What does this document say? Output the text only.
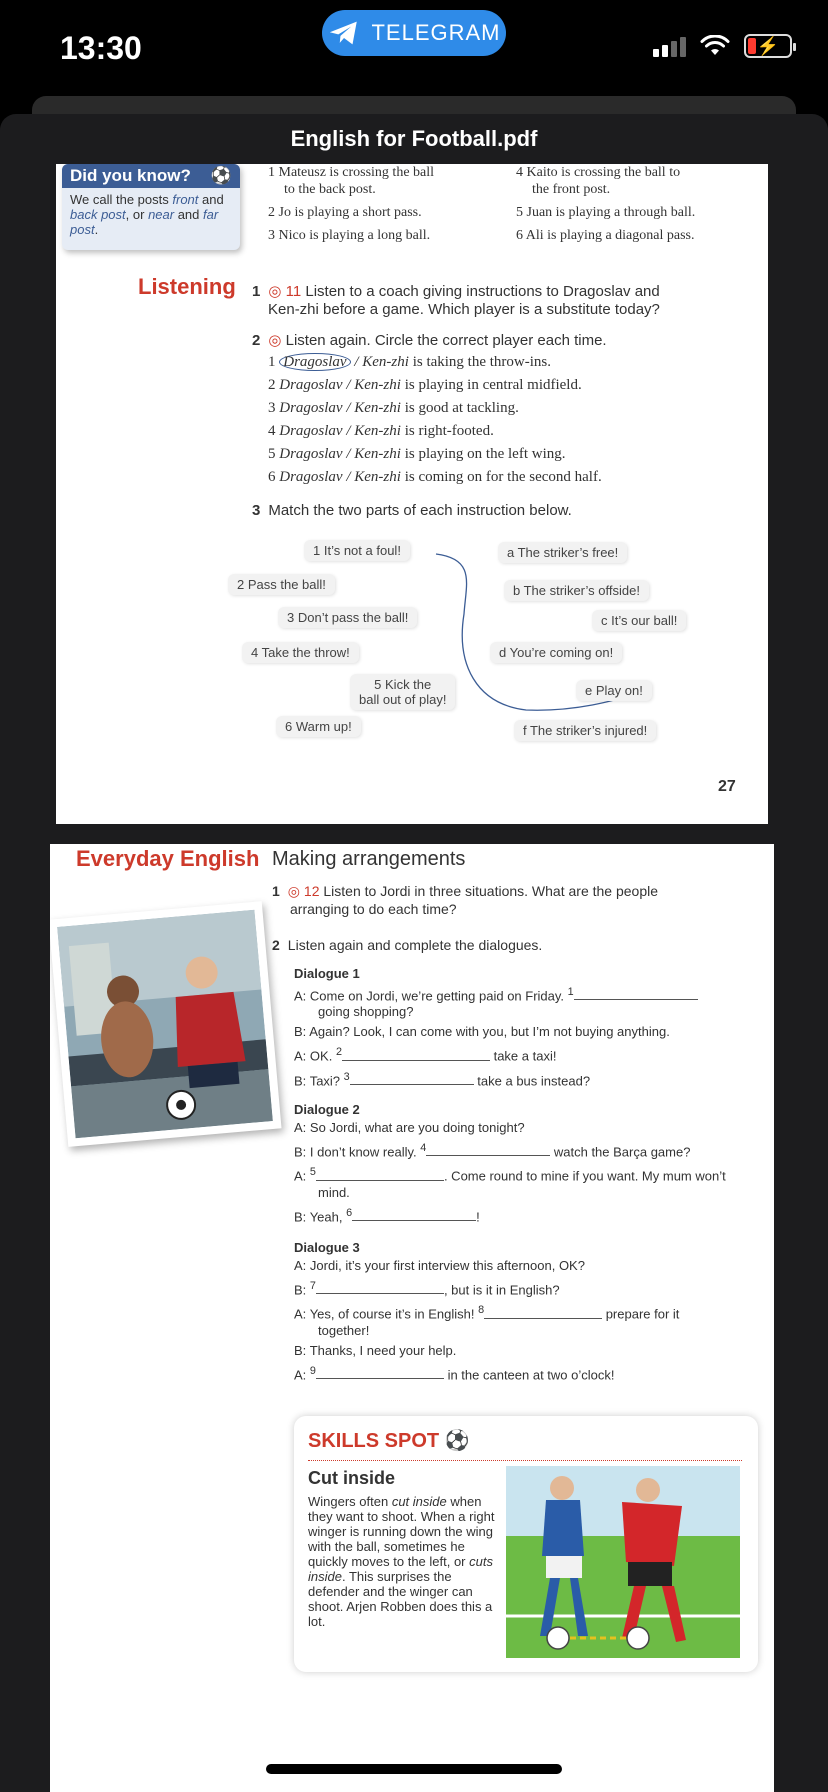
13:30	TELEGRAM
⚡
English for Football.pdf
Did you know? ⚽
We call the posts front and back post, or near and far post.
1 Mateusz is crossing the ball
to the back post.
2 Jo is playing a short pass.
3 Nico is playing a long ball.
4 Kaito is crossing the ball to
the front post.
5 Juan is playing a through ball.
6 Ali is playing a diagonal pass.
Listening 1 ◎ 11 Listen to a coach giving instructions to Dragoslav and
Ken-zhi before a game. Which player is a substitute today?
2 ◎ Listen again. Circle the correct player each time.
1 Dragoslav / Ken-zhi is taking the throw-ins.
2 Dragoslav / Ken-zhi is playing in central midfield.
3 Dragoslav / Ken-zhi is good at tackling.
4 Dragoslav / Ken-zhi is right-footed.
5 Dragoslav / Ken-zhi is playing on the left wing.
6 Dragoslav / Ken-zhi is coming on for the second half.
3 Match the two parts of each instruction below.
1 It’s not a foul!
2 Pass the ball!
3 Don’t pass the ball!
4 Take the throw!
5 Kick the
ball out of play!
6 Warm up!
a The striker’s free!
b The striker’s offside!
c It’s our ball!
d You’re coming on!
e Play on!
f The striker’s injured!
27
Everyday English Making arrangements
1 ◎ 12 Listen to Jordi in three situations. What are the people
arranging to do each time?
2 Listen again and complete the dialogues.
Dialogue 1
A: Come on Jordi, we’re getting paid on Friday. $^1$
going shopping?
B: Again? Look, I can come with you, but I’m not buying anything.
A: OK. $^2$	take a taxi!
B: Taxi? $^3$	take a bus instead?
Dialogue 2
A: So Jordi, what are you doing tonight?
B: I don’t know really. $^4$	watch the Barça game?
A: $^5$	. Come round to mine if you want. My mum won’t
mind.
B: Yeah, $^6$	!
Dialogue 3
A: Jordi, it’s your first interview this afternoon, OK?
B: $^7$	, but is it in English?
A: Yes, of course it’s in English! $^8$	prepare for it
together!
B: Thanks, I need your help.
A: $^9$	in the canteen at two o’clock!
SKILLS SPOT ⚽
Cut inside
Wingers often cut inside when they want to shoot. When a right winger is running down the wing with the ball, sometimes he quickly moves to the left, or cuts inside. This surprises the defender and the winger can shoot. Arjen Robben does this a lot.
